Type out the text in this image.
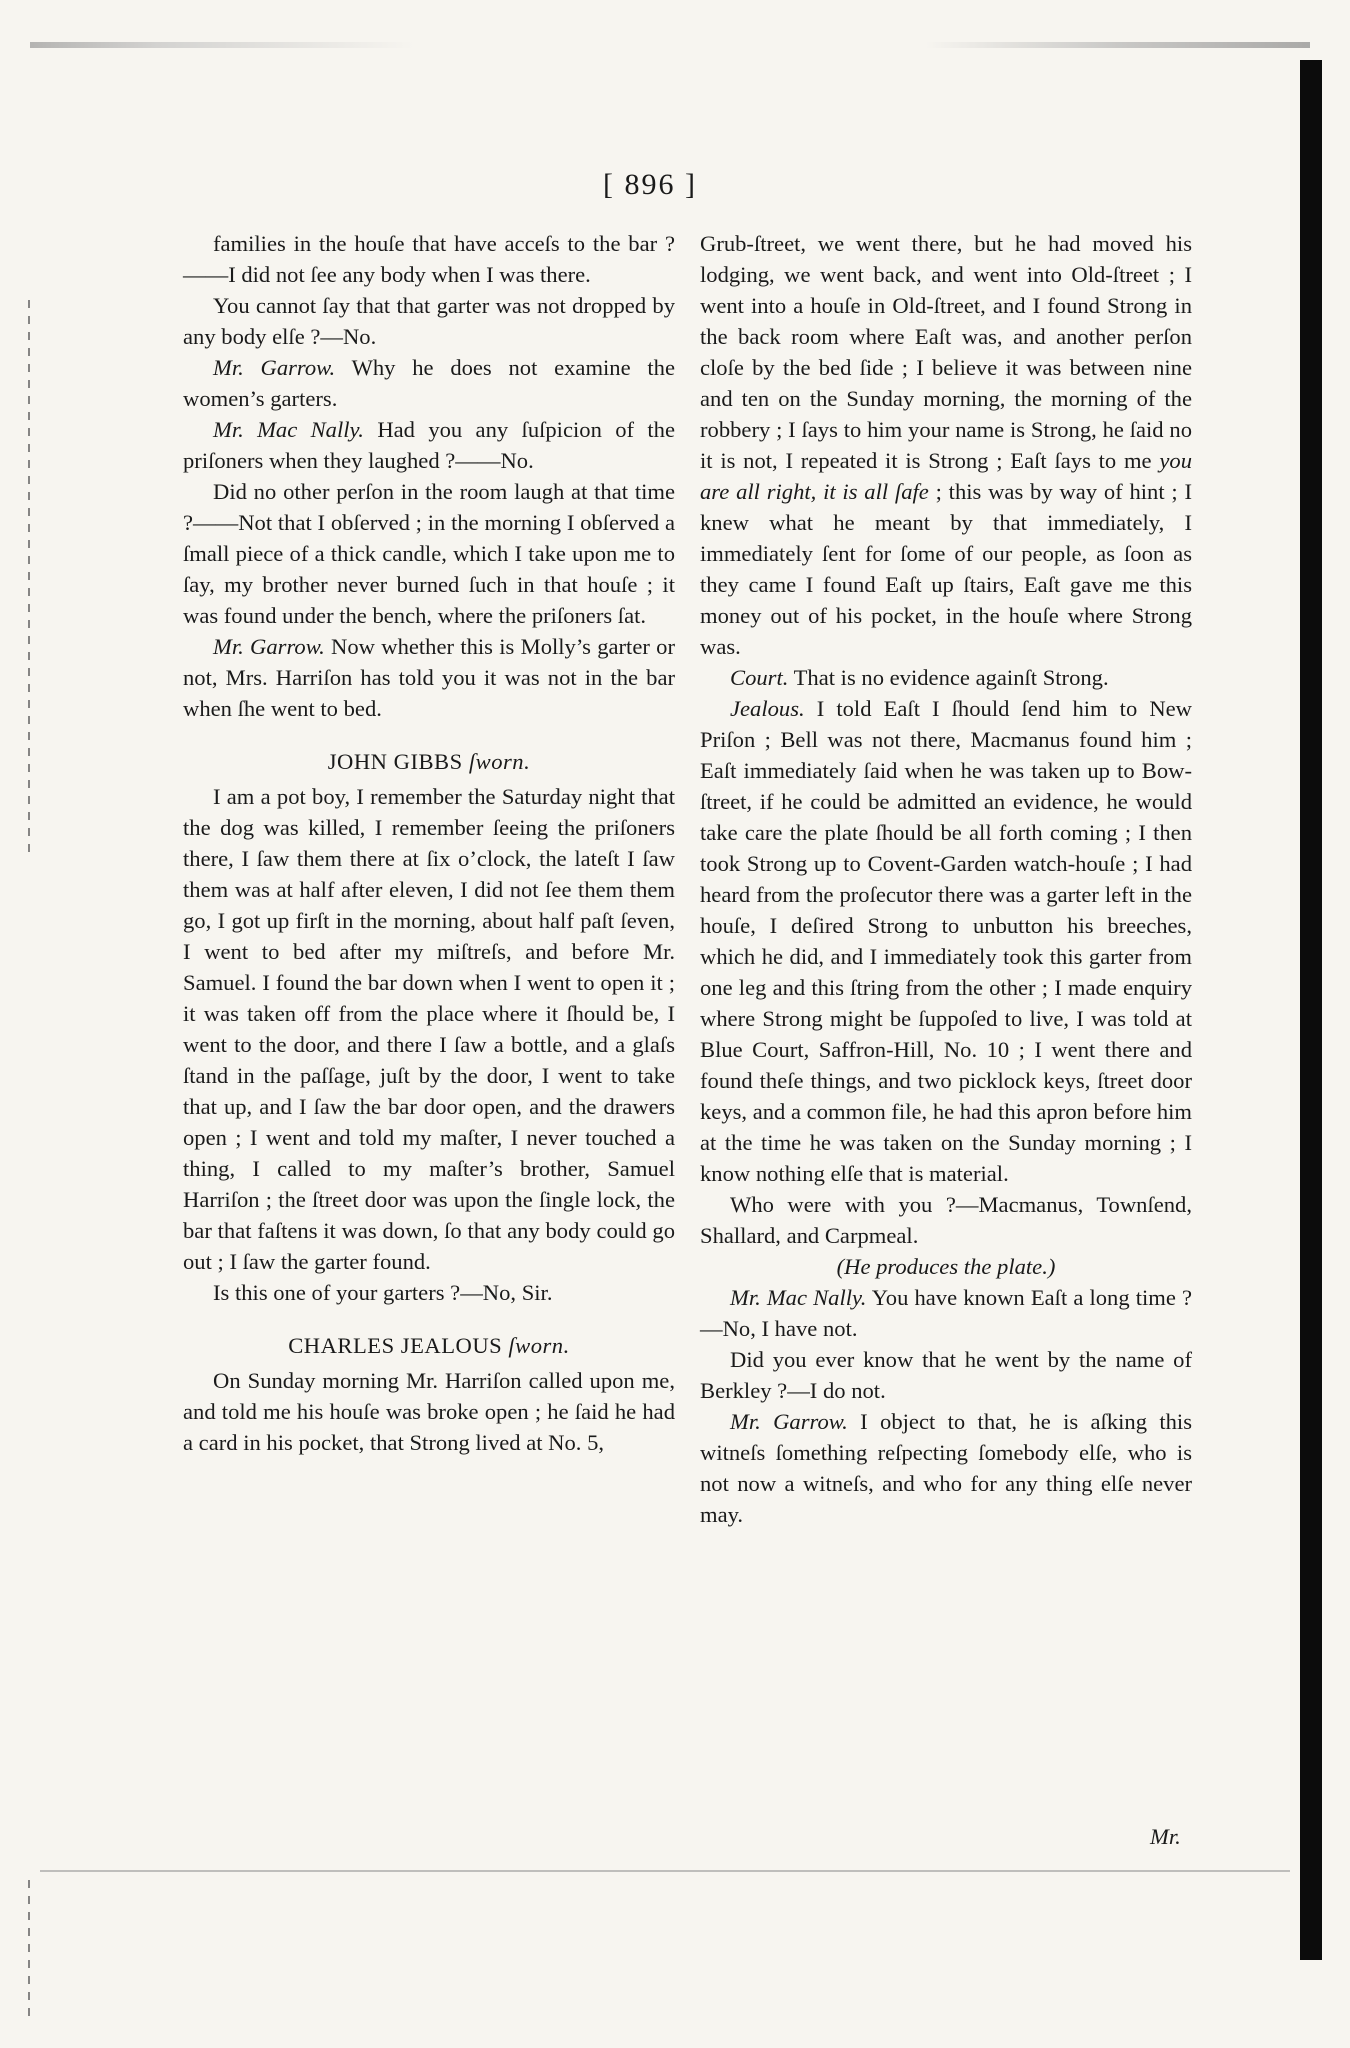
[ 896 ]

families in the houſe that have acceſs to the bar ?——I did not ſee any body when I was there.

You cannot ſay that that garter was not dropped by any body elſe ?—No.

Mr. Garrow. Why he does not examine the women’s garters.

Mr. Mac Nally. Had you any ſuſpicion of the priſoners when they laughed ?——No.

Did no other perſon in the room laugh at that time ?——Not that I obſerved ; in the morning I obſerved a ſmall piece of a thick candle, which I take upon me to ſay, my brother never burned ſuch in that houſe ; it was found under the bench, where the priſoners ſat.

Mr. Garrow. Now whether this is Molly’s garter or not, Mrs. Harriſon has told you it was not in the bar when ſhe went to bed.

JOHN GIBBS ſworn.

I am a pot boy, I remember the Saturday night that the dog was killed, I remember ſeeing the priſoners there, I ſaw them there at ſix o’clock, the lateſt I ſaw them was at half after eleven, I did not ſee them them go, I got up firſt in the morning, about half paſt ſeven, I went to bed after my miſtreſs, and before Mr. Samuel. I found the bar down when I went to open it ; it was taken off from the place where it ſhould be, I went to the door, and there I ſaw a bottle, and a glaſs ſtand in the paſſage, juſt by the door, I went to take that up, and I ſaw the bar door open, and the drawers open ; I went and told my maſter, I never touched a thing, I called to my maſter’s brother, Samuel Harriſon ; the ſtreet door was upon the ſingle lock, the bar that faſtens it was down, ſo that any body could go out ; I ſaw the garter found.

Is this one of your garters ?—No, Sir.

CHARLES JEALOUS ſworn.

On Sunday morning Mr. Harriſon called upon me, and told me his houſe was broke open ; he ſaid he had a card in his pocket, that Strong lived at No. 5,

Grub-ſtreet, we went there, but he had moved his lodging, we went back, and went into Old-ſtreet ; I went into a houſe in Old-ſtreet, and I found Strong in the back room where Eaſt was, and another perſon cloſe by the bed ſide ; I believe it was between nine and ten on the Sunday morning, the morning of the robbery ; I ſays to him your name is Strong, he ſaid no it is not, I repeated it is Strong ; Eaſt ſays to me you are all right, it is all ſafe ; this was by way of hint ; I knew what he meant by that immediately, I immediately ſent for ſome of our people, as ſoon as they came I found Eaſt up ſtairs, Eaſt gave me this money out of his pocket, in the houſe where Strong was.

Court. That is no evidence againſt Strong.

Jealous. I told Eaſt I ſhould ſend him to New Priſon ; Bell was not there, Macmanus found him ; Eaſt immediately ſaid when he was taken up to Bow-ſtreet, if he could be admitted an evidence, he would take care the plate ſhould be all forth coming ; I then took Strong up to Covent-Garden watch-houſe ; I had heard from the proſecutor there was a garter left in the houſe, I deſired Strong to unbutton his breeches, which he did, and I immediately took this garter from one leg and this ſtring from the other ; I made enquiry where Strong might be ſuppoſed to live, I was told at Blue Court, Saffron-Hill, No. 10 ; I went there and found theſe things, and two picklock keys, ſtreet door keys, and a common file, he had this apron before him at the time he was taken on the Sunday morning ; I know nothing elſe that is material.

Who were with you ?—Macmanus, Townſend, Shallard, and Carpmeal.

(He produces the plate.)

Mr. Mac Nally. You have known Eaſt a long time ?—No, I have not.

Did you ever know that he went by the name of Berkley ?—I do not.

Mr. Garrow. I object to that, he is aſking this witneſs ſomething reſpecting ſomebody elſe, who is not now a witneſs, and who for any thing elſe never may.

Mr.
